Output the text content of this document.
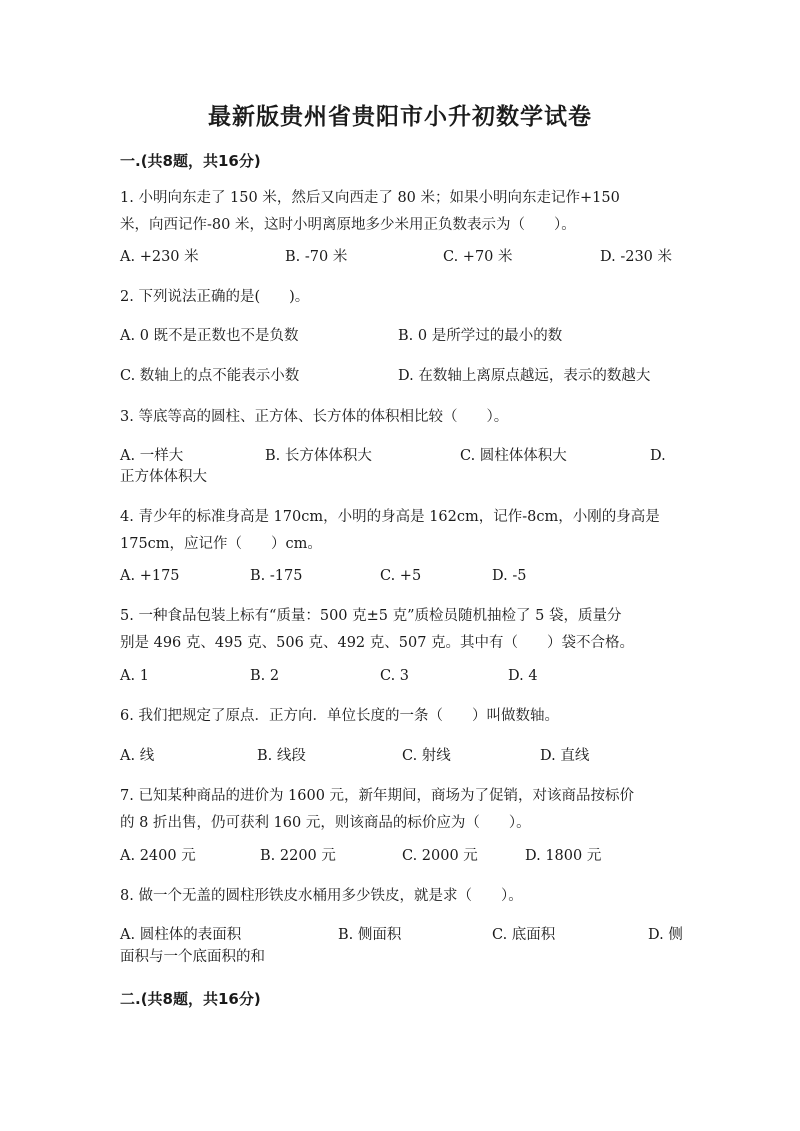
最新版贵州省贵阳市小升初数学试卷
一.(共8题，共16分)
1. 小明向东走了 150 米，然后又向西走了 80 米；如果小明向东走记作+150
米，向西记作-80 米，这时小明离原地多少米用正负数表示为（　　）。
A. +230 米	B. -70 米	C. +70 米	D. -230 米
2. 下列说法正确的是(　　)。
A. 0 既不是正数也不是负数	B. 0 是所学过的最小的数
C. 数轴上的点不能表示小数	D. 在数轴上离原点越远，表示的数越大
3. 等底等高的圆柱、正方体、长方体的体积相比较（　　）。
A. 一样大	B. 长方体体积大	C. 圆柱体体积大	D.
正方体体积大
4. 青少年的标准身高是 170cm，小明的身高是 162cm，记作-8cm，小刚的身高是
175cm，应记作（　　）cm。
A. +175	B. -175	C. +5	D. -5
5. 一种食品包装上标有“质量：500 克±5 克”质检员随机抽检了 5 袋，质量分
别是 496 克、495 克、506 克、492 克、507 克。其中有（　　）袋不合格。
A. 1	B. 2	C. 3	D. 4
6. 我们把规定了原点．正方向．单位长度的一条（　　）叫做数轴。
A. 线	B. 线段	C. 射线	D. 直线
7. 已知某种商品的进价为 1600 元，新年期间，商场为了促销，对该商品按标价
的 8 折出售，仍可获利 160 元，则该商品的标价应为（　　）。
A. 2400 元	B. 2200 元	C. 2000 元	D. 1800 元
8. 做一个无盖的圆柱形铁皮水桶用多少铁皮，就是求（　　）。
A. 圆柱体的表面积	B. 侧面积	C. 底面积	D. 侧
面积与一个底面积的和
二.(共8题，共16分)
